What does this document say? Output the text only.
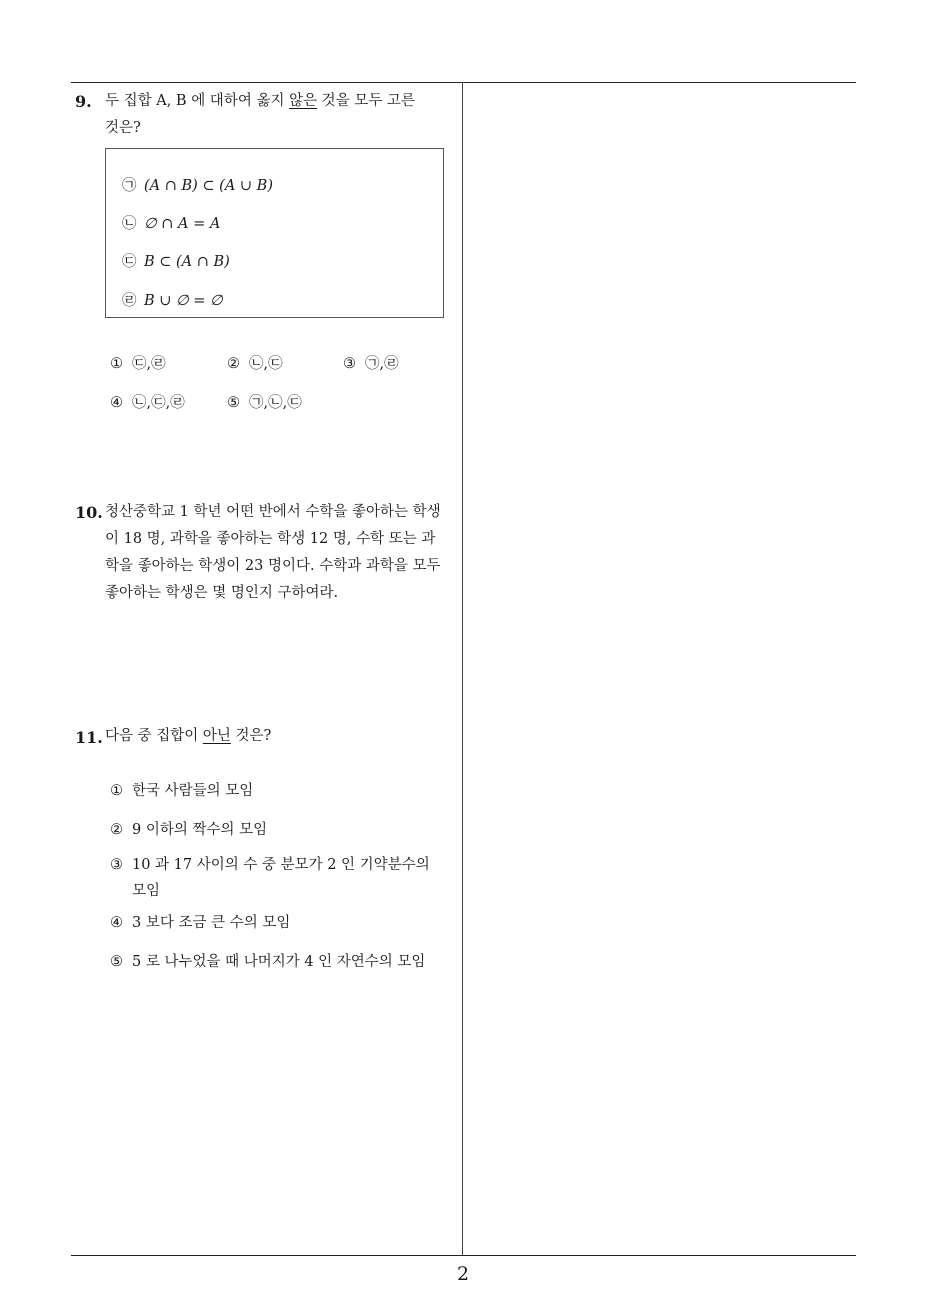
9. 두 집합 A, B 에 대하여 옳지 않은 것을 모두 고른
것은?
㉠ (A ∩ B) ⊂ (A ∪ B)
㉡ ∅ ∩ A = A
㉢ B ⊂ (A ∩ B)
㉣ B ∪ ∅ = ∅
① ㉢,㉣	② ㉡,㉢	③ ㉠,㉣
④ ㉡,㉢,㉣	⑤ ㉠,㉡,㉢
10. 청산중학교 1 학년 어떤 반에서 수학을 좋아하는 학생
이 18 명, 과학을 좋아하는 학생 12 명, 수학 또는 과
학을 좋아하는 학생이 23 명이다. 수학과 과학을 모두
좋아하는 학생은 몇 명인지 구하여라.
11. 다음 중 집합이 아닌 것은?
① 한국 사람들의 모임
② 9 이하의 짝수의 모임
③ 10 과 17 사이의 수 중 분모가 2 인 기약분수의
모임
④ 3 보다 조금 큰 수의 모임
⑤ 5 로 나누었을 때 나머지가 4 인 자연수의 모임
2
